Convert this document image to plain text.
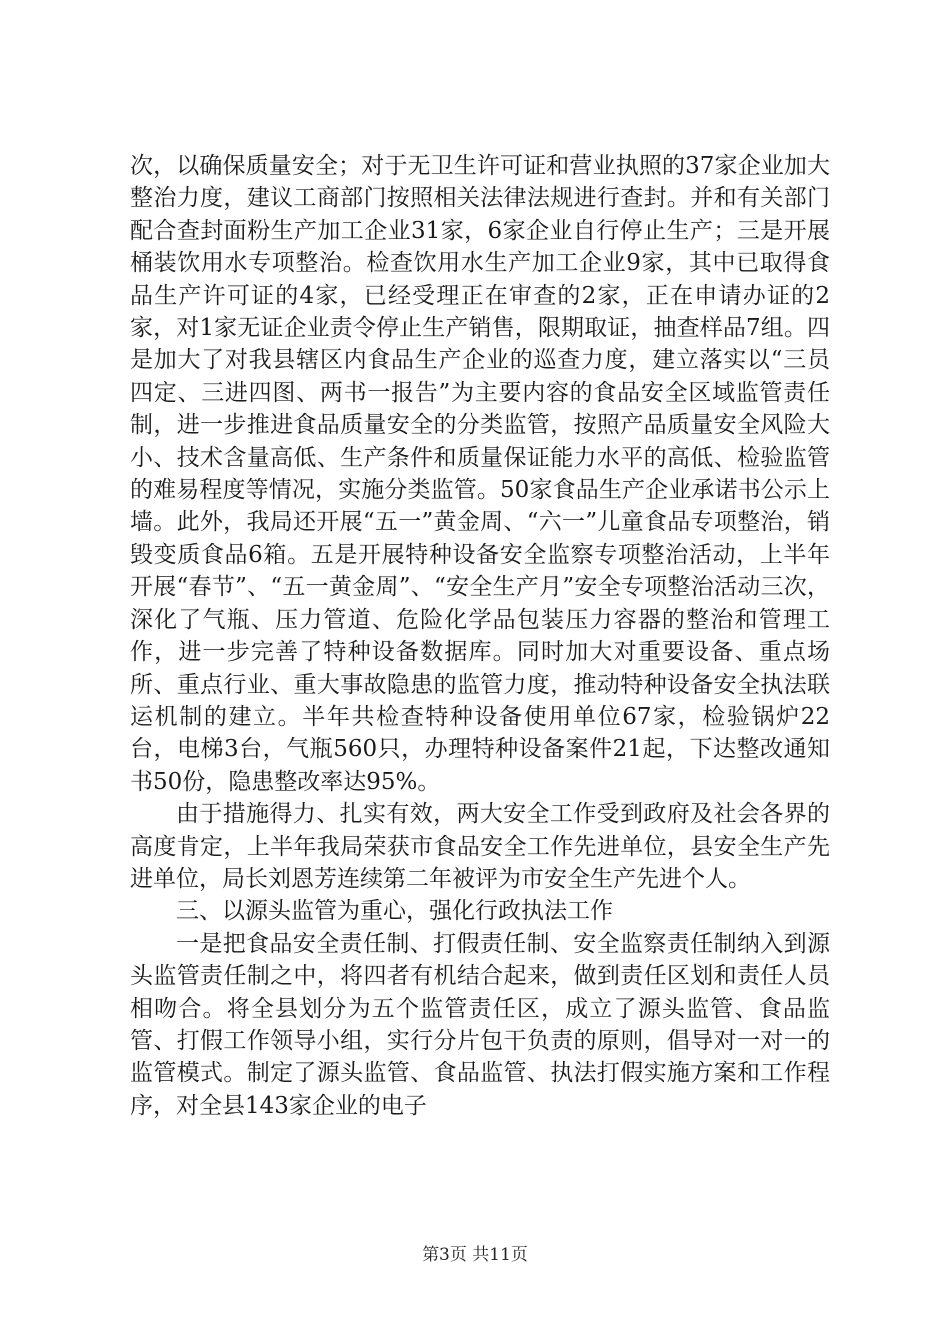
次，以确保质量安全；对于无卫生许可证和营业执照的37家企业加大整治力度，建议工商部门按照相关法律法规进行查封。并和有关部门配合查封面粉生产加工企业31家，6家企业自行停止生产；三是开展桶装饮用水专项整治。检查饮用水生产加工企业9家，其中已取得食品生产许可证的4家，已经受理正在审查的2家，正在申请办证的2家，对1家无证企业责令停止生产销售，限期取证，抽查样品7组。四是加大了对我县辖区内食品生产企业的巡查力度，建立落实以“三员四定、三进四图、两书一报告”为主要内容的食品安全区域监管责任制，进一步推进食品质量安全的分类监管，按照产品质量安全风险大小、技术含量高低、生产条件和质量保证能力水平的高低、检验监管的难易程度等情况，实施分类监管。50家食品生产企业承诺书公示上墙。此外，我局还开展“五一”黄金周、“六一”儿童食品专项整治，销毁变质食品6箱。五是开展特种设备安全监察专项整治活动，上半年开展“春节”、“五一黄金周”、“安全生产月”安全专项整治活动三次，深化了气瓶、压力管道、危险化学品包装压力容器的整治和管理工作，进一步完善了特种设备数据库。同时加大对重要设备、重点场所、重点行业、重大事故隐患的监管力度，推动特种设备安全执法联运机制的建立。半年共检查特种设备使用单位67家，检验锅炉22台，电梯3台，气瓶560只，办理特种设备案件21起，下达整改通知书50份，隐患整改率达95%。

由于措施得力、扎实有效，两大安全工作受到政府及社会各界的高度肯定，上半年我局荣获市食品安全工作先进单位，县安全生产先进单位，局长刘恩芳连续第二年被评为市安全生产先进个人。

三、以源头监管为重心，强化行政执法工作

一是把食品安全责任制、打假责任制、安全监察责任制纳入到源头监管责任制之中，将四者有机结合起来，做到责任区划和责任人员相吻合。将全县划分为五个监管责任区，成立了源头监管、食品监管、打假工作领导小组，实行分片包干负责的原则，倡导对一对一的监管模式。制定了源头监管、食品监管、执法打假实施方案和工作程序，对全县143家企业的电子

第3页 共11页
